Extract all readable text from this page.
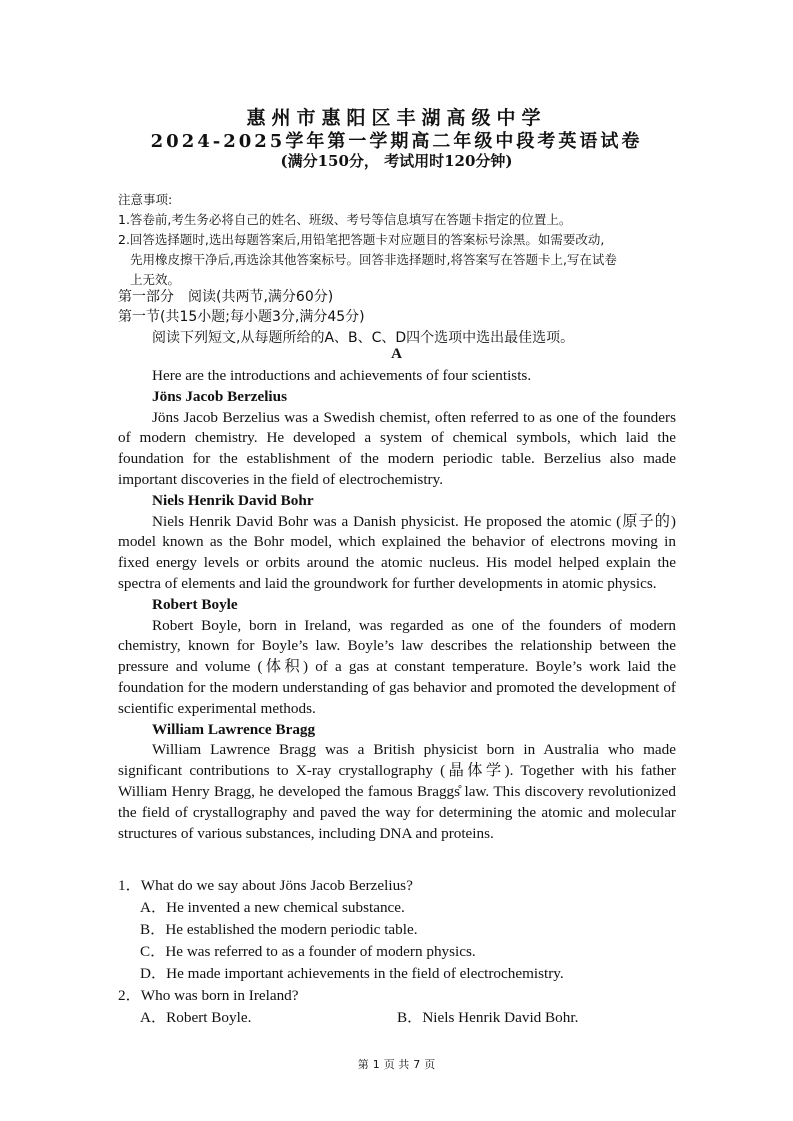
惠州市惠阳区丰湖高级中学
2024-2025学年第一学期高二年级中段考英语试卷
(满分150分， 考试用时120分钟)
注意事项:
1.答卷前,考生务必将自己的姓名、班级、考号等信息填写在答题卡指定的位置上。
2.回答选择题时,选出每题答案后,用铅笔把答题卡对应题目的答案标号涂黑。如需要改动,
先用橡皮擦干净后,再选涂其他答案标号。回答非选择题时,将答案写在答题卡上,写在试卷
上无效。
第一部分　阅读(共两节,满分60分)
第一节(共15小题;每小题3分,满分45分)
阅读下列短文,从每题所给的A、B、C、D四个选项中选出最佳选项。
A

Here are the introductions and achievements of four scientists.

Jöns Jacob Berzelius

Jöns Jacob Berzelius was a Swedish chemist, often referred to as one of the founders of modern chemistry. He developed a system of chemical symbols, which laid the foundation for the establishment of the modern periodic table. Berzelius also made important discoveries in the field of electrochemistry.

Niels Henrik David Bohr

Niels Henrik David Bohr was a Danish physicist. He proposed the atomic (原子的) model known as the Bohr model, which explained the behavior of electrons moving in fixed energy levels or orbits around the atomic nucleus. His model helped explain the spectra of elements and laid the groundwork for further developments in atomic physics.

Robert Boyle

Robert Boyle, born in Ireland, was regarded as one of the founders of modern chemistry, known for Boyle’s law. Boyle’s law describes the relationship between the pressure and volume (体积) of a gas at constant temperature. Boyle’s work laid the foundation for the modern understanding of gas behavior and promoted the development of scientific experimental methods.

William Lawrence Bragg

William Lawrence Bragg was a British physicist born in Australia who made significant contributions to X-ray crystallography (晶体学). Together with his father William Henry Bragg, he developed the famous Braggs̊ law. This discovery revolutionized the field of crystallography and paved the way for determining the atomic and molecular structures of various substances, including DNA and proteins.

1．What do we say about Jöns Jacob Berzelius?
A．He invented a new chemical substance.
B．He established the modern periodic table.
C．He was referred to as a founder of modern physics.
D．He made important achievements in the field of electrochemistry.
2．Who was born in Ireland?
A．Robert Boyle.	B．Niels Henrik David Bohr.
第 1 页 共 7 页
